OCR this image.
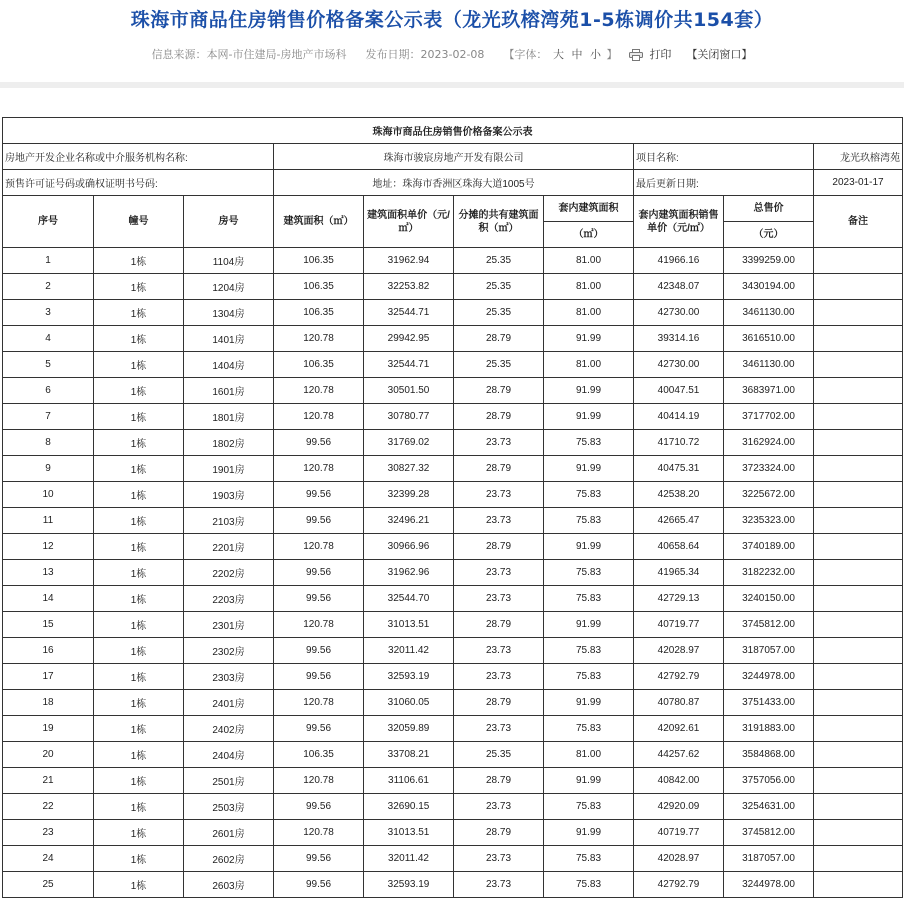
珠海市商品住房销售价格备案公示表（龙光玖榕湾苑1-5栋调价共154套）
信息来源：本网-市住建局-房地产市场科 发布日期：2023-02-08 【字体： 大 中 小 】	打印 【关闭窗口】
珠海市商品住房销售价格备案公示表									
房地产开发企业名称或中介服务机构名称:			珠海市骏宸房地产开发有限公司				项目名称:		龙光玖榕湾苑
预售许可证号码或确权证明书号码:			地址：珠海市香洲区珠海大道1005号				最后更新日期:		2023-01-17
序号	幢号	房号	建筑面积（㎡）	建筑面积单价（元/㎡）	分摊的共有建筑面积（㎡）	套内建筑面积	套内建筑面积销售单价（元/㎡）	总售价	备注
						（㎡）		（元）	
1	1栋	1104房	106.35	31962.94	25.35	81.00	41966.16	3399259.00	
2	1栋	1204房	106.35	32253.82	25.35	81.00	42348.07	3430194.00	
3	1栋	1304房	106.35	32544.71	25.35	81.00	42730.00	3461130.00	
4	1栋	1401房	120.78	29942.95	28.79	91.99	39314.16	3616510.00	
5	1栋	1404房	106.35	32544.71	25.35	81.00	42730.00	3461130.00	
6	1栋	1601房	120.78	30501.50	28.79	91.99	40047.51	3683971.00	
7	1栋	1801房	120.78	30780.77	28.79	91.99	40414.19	3717702.00	
8	1栋	1802房	99.56	31769.02	23.73	75.83	41710.72	3162924.00	
9	1栋	1901房	120.78	30827.32	28.79	91.99	40475.31	3723324.00	
10	1栋	1903房	99.56	32399.28	23.73	75.83	42538.20	3225672.00	
11	1栋	2103房	99.56	32496.21	23.73	75.83	42665.47	3235323.00	
12	1栋	2201房	120.78	30966.96	28.79	91.99	40658.64	3740189.00	
13	1栋	2202房	99.56	31962.96	23.73	75.83	41965.34	3182232.00	
14	1栋	2203房	99.56	32544.70	23.73	75.83	42729.13	3240150.00	
15	1栋	2301房	120.78	31013.51	28.79	91.99	40719.77	3745812.00	
16	1栋	2302房	99.56	32011.42	23.73	75.83	42028.97	3187057.00	
17	1栋	2303房	99.56	32593.19	23.73	75.83	42792.79	3244978.00	
18	1栋	2401房	120.78	31060.05	28.79	91.99	40780.87	3751433.00	
19	1栋	2402房	99.56	32059.89	23.73	75.83	42092.61	3191883.00	
20	1栋	2404房	106.35	33708.21	25.35	81.00	44257.62	3584868.00	
21	1栋	2501房	120.78	31106.61	28.79	91.99	40842.00	3757056.00	
22	1栋	2503房	99.56	32690.15	23.73	75.83	42920.09	3254631.00	
23	1栋	2601房	120.78	31013.51	28.79	91.99	40719.77	3745812.00	
24	1栋	2602房	99.56	32011.42	23.73	75.83	42028.97	3187057.00	
25	1栋	2603房	99.56	32593.19	23.73	75.83	42792.79	3244978.00	
